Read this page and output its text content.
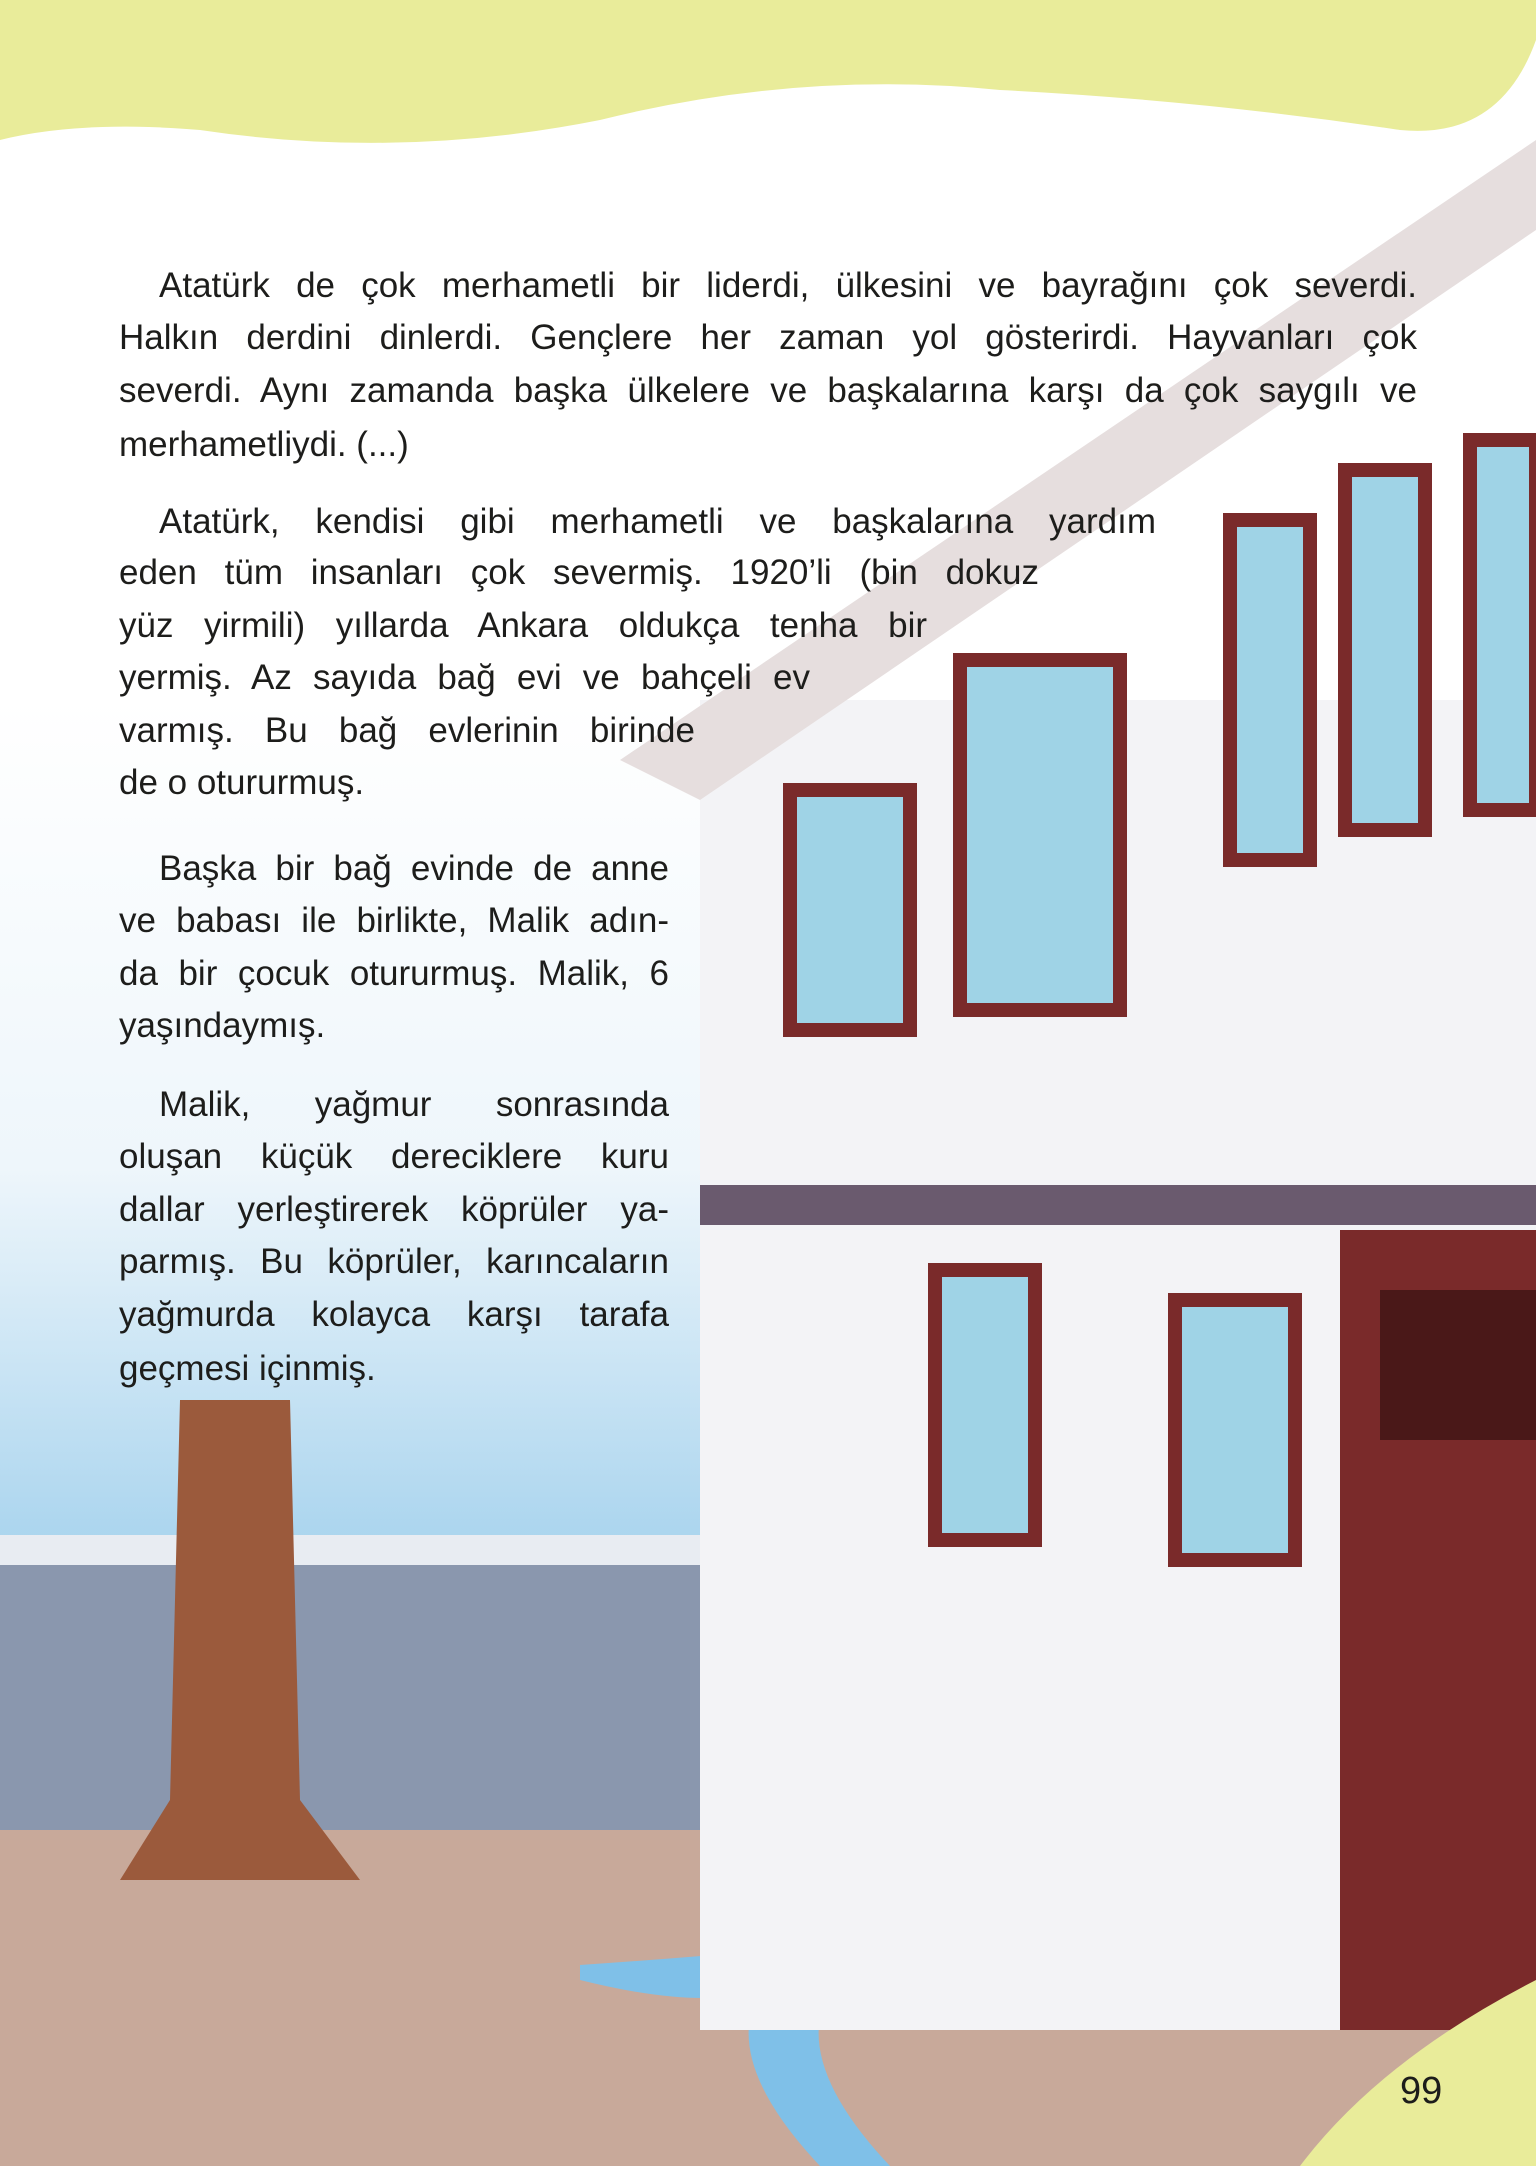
Atatürk de çok merhametli bir liderdi, ülkesini ve bayrağını çok severdi.
Halkın derdini dinlerdi. Gençlere her zaman yol gösterirdi. Hayvanları çok
severdi. Aynı zamanda başka ülkelere ve başkalarına karşı da çok saygılı ve
merhametliydi. (...)
Atatürk, kendisi gibi merhametli ve başkalarına yardım
eden tüm insanları çok severmiş. 1920’li (bin dokuz
yüz yirmili) yıllarda Ankara oldukça tenha bir
yermiş. Az sayıda bağ evi ve bahçeli ev
varmış. Bu bağ evlerinin birinde
de o otururmuş.
Başka bir bağ evinde de anne
ve babası ile birlikte, Malik adın-
da bir çocuk otururmuş. Malik, 6
yaşındaymış.
Malik, yağmur sonrasında
oluşan küçük dereciklere kuru
dallar yerleştirerek köprüler ya-
parmış. Bu köprüler, karıncaların
yağmurda kolayca karşı tarafa
geçmesi içinmiş.
99
